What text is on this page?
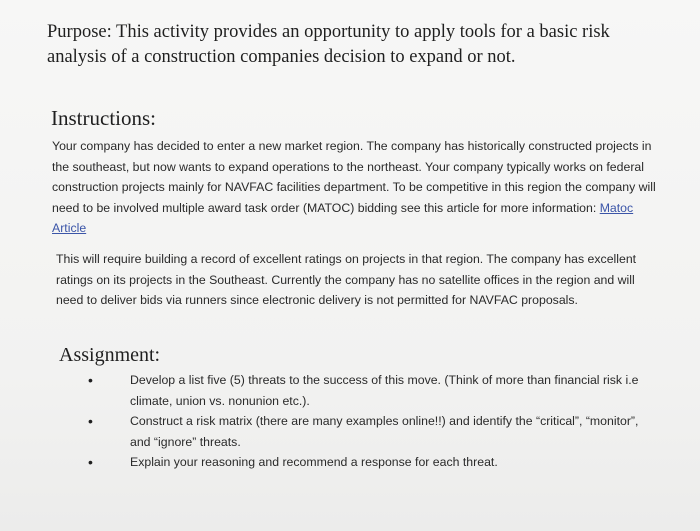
Purpose: This activity provides an opportunity to apply tools for a basic risk analysis of a construction companies decision to expand or not.

Instructions:

Your company has decided to enter a new market region. The company has historically constructed projects in the southeast, but now wants to expand operations to the northeast. Your company typically works on federal construction projects mainly for NAVFAC facilities department. To be competitive in this region the company will need to be involved multiple award task order (MATOC) bidding see this article for more information: Matoc Article

This will require building a record of excellent ratings on projects in that region. The company has excellent ratings on its projects in the Southeast. Currently the company has no satellite offices in the region and will need to deliver bids via runners since electronic delivery is not permitted for NAVFAC proposals.

Assignment:
•	Develop a list five (5) threats to the success of this move. (Think of more than financial risk i.e climate, union vs. nonunion etc.).
•	Construct a risk matrix (there are many examples online!!) and identify the “critical”, “monitor”, and “ignore” threats.
•	Explain your reasoning and recommend a response for each threat.
